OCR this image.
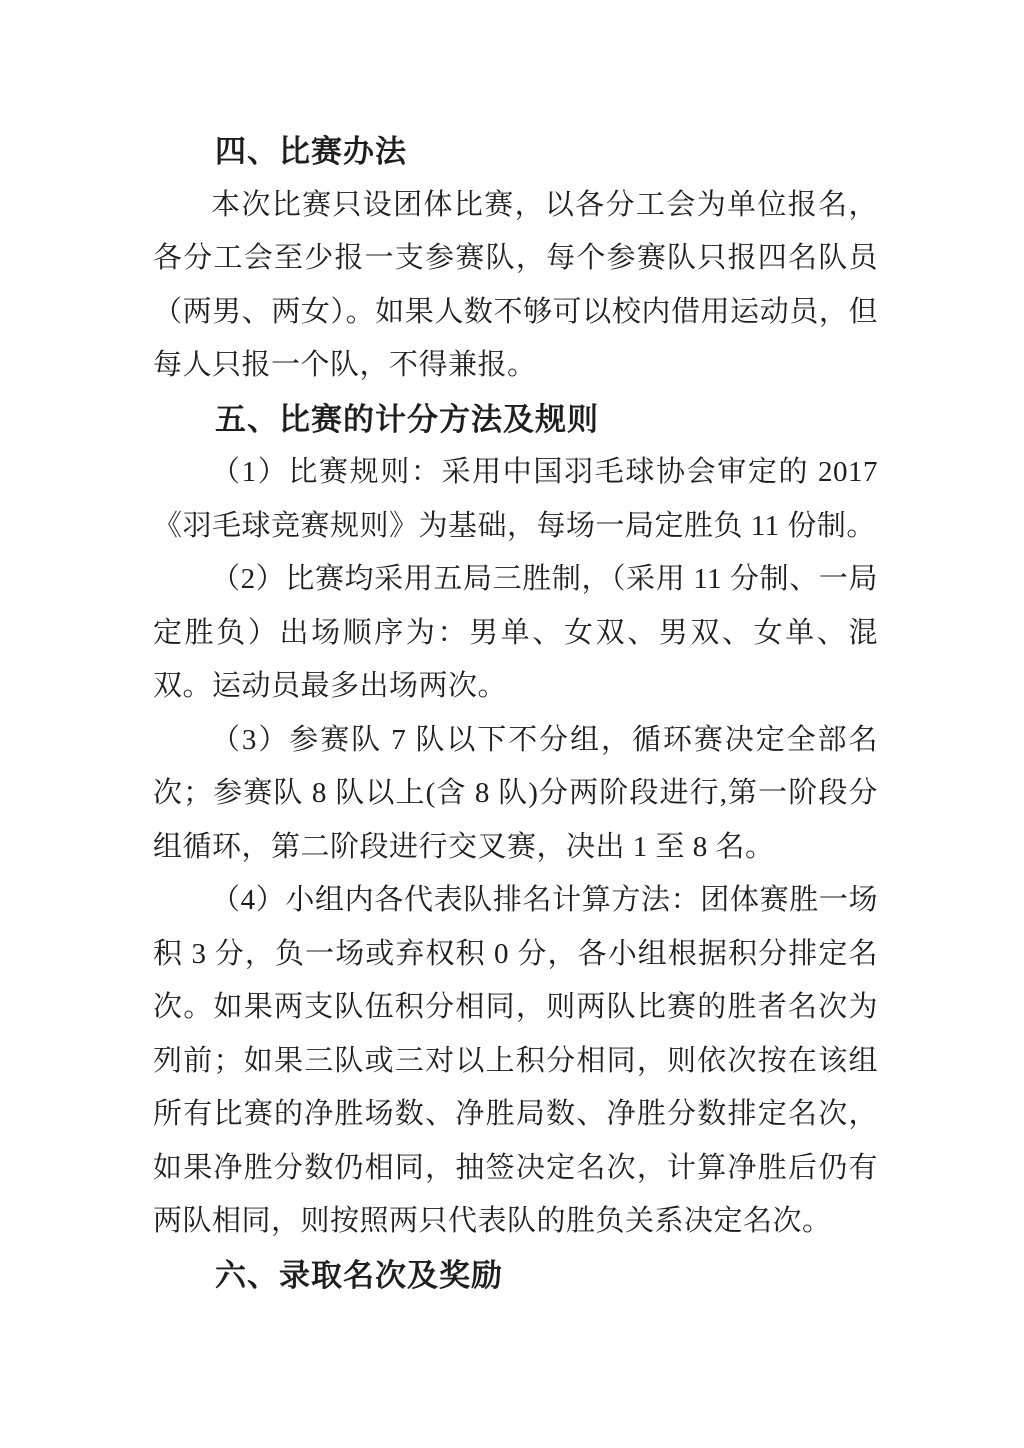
四、比赛办法

本次比赛只设团体比赛，以各分工会为单位报名，各分工会至少报一支参赛队，每个参赛队只报四名队员（两男、两女）。如果人数不够可以校内借用运动员，但每人只报一个队，不得兼报。

五、比赛的计分方法及规则

（1）比赛规则：采用中国羽毛球协会审定的 2017《羽毛球竞赛规则》为基础，每场一局定胜负 11 份制。

（2）比赛均采用五局三胜制，（采用 11 分制、一局定胜负）出场顺序为：男单、女双、男双、女单、混双。运动员最多出场两次。

（3）参赛队 7 队以下不分组，循环赛决定全部名次；参赛队 8 队以上(含 8 队)分两阶段进行,第一阶段分组循环，第二阶段进行交叉赛，决出 1 至 8 名。

（4）小组内各代表队排名计算方法：团体赛胜一场积 3 分，负一场或弃权积 0 分，各小组根据积分排定名次。如果两支队伍积分相同，则两队比赛的胜者名次为列前；如果三队或三对以上积分相同，则依次按在该组所有比赛的净胜场数、净胜局数、净胜分数排定名次，如果净胜分数仍相同，抽签决定名次，计算净胜后仍有两队相同，则按照两只代表队的胜负关系决定名次。

六、录取名次及奖励
